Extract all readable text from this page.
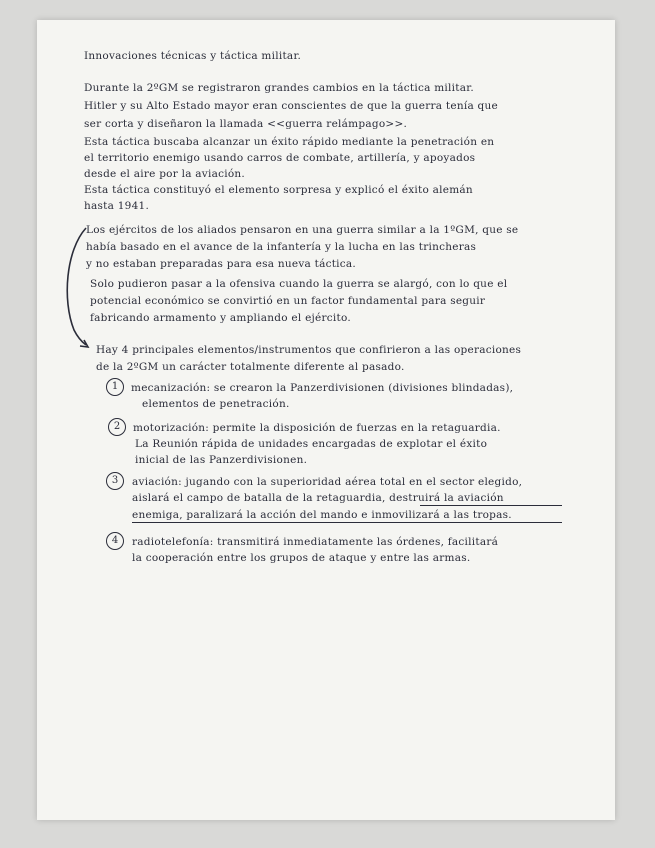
Innovaciones técnicas y táctica militar.
Durante la 2ºGM se registraron grandes cambios en la táctica militar.
Hitler y su Alto Estado mayor eran conscientes de que la guerra tenía que
ser corta y diseñaron la llamada <<guerra relámpago>>.
Esta táctica buscaba alcanzar un éxito rápido mediante la penetración en
el territorio enemigo usando carros de combate, artillería, y apoyados
desde el aire por la aviación.
Esta táctica constituyó el elemento sorpresa y explicó el éxito alemán
hasta 1941.
Los ejércitos de los aliados pensaron en una guerra similar a la 1ºGM, que se
había basado en el avance de la infantería y la lucha en las trincheras
y no estaban preparadas para esa nueva táctica.
Solo pudieron pasar a la ofensiva cuando la guerra se alargó, con lo que el
potencial económico se convirtió en un factor fundamental para seguir
fabricando armamento y ampliando el ejército.
Hay 4 principales elementos/instrumentos que confirieron a las operaciones
de la 2ºGM un carácter totalmente diferente al pasado.
1	mecanización: se crearon la Panzerdivisionen (divisiones blindadas),
elementos de penetración.
2	motorización: permite la disposición de fuerzas en la retaguardia.
La Reunión rápida de unidades encargadas de explotar el éxito
inicial de las Panzerdivisionen.
3	aviación: jugando con la superioridad aérea total en el sector elegido,
aislará el campo de batalla de la retaguardia, destruirá la aviación
enemiga, paralizará la acción del mando e inmovilizará a las tropas.
4	radiotelefonía: transmitirá inmediatamente las órdenes, facilitará
la cooperación entre los grupos de ataque y entre las armas.
